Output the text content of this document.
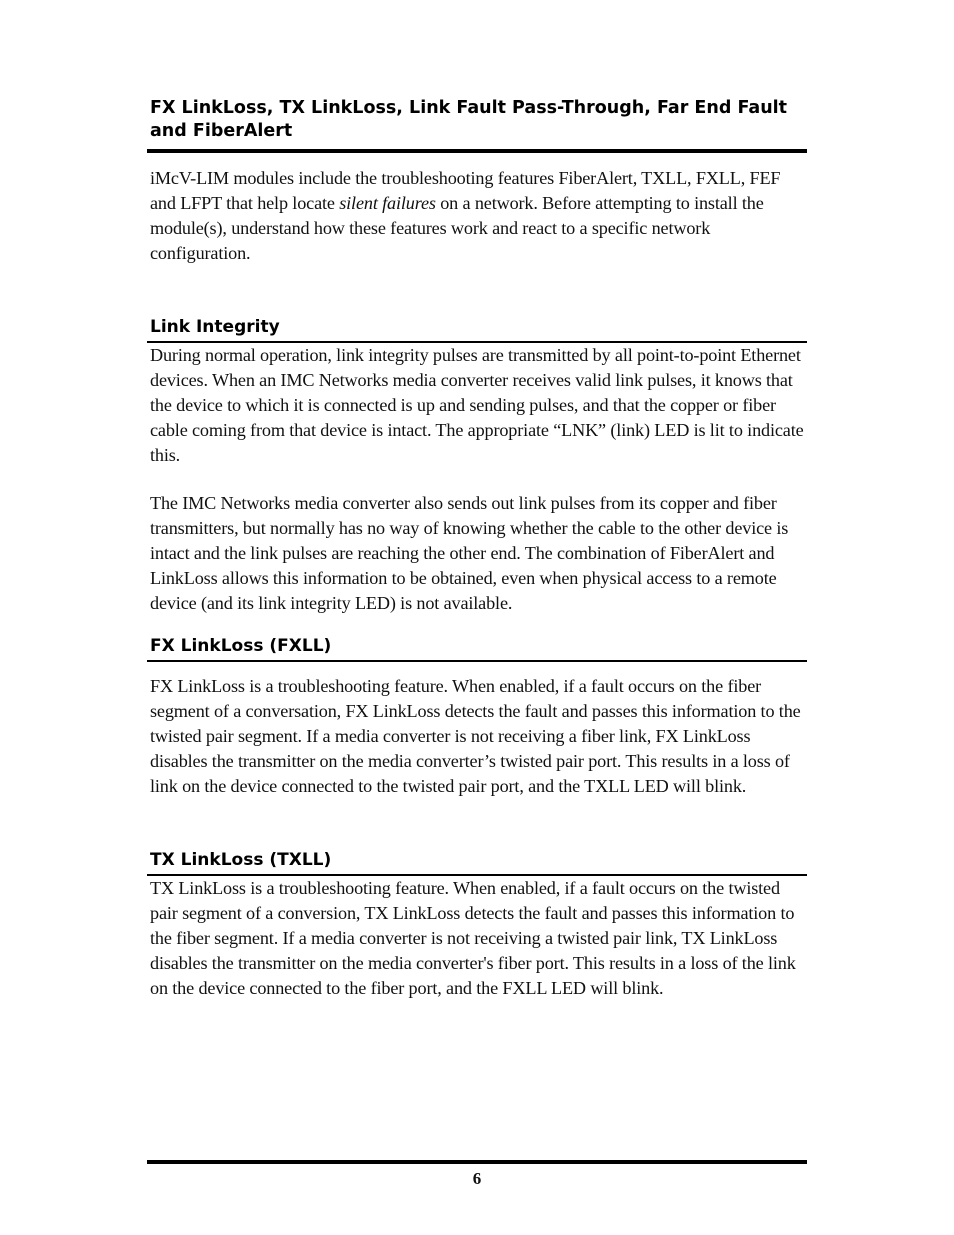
FX LinkLoss, TX LinkLoss, Link Fault Pass-Through, Far End Fault and FiberAlert

iMcV-LIM modules include the troubleshooting features FiberAlert, TXLL, FXLL, FEF and LFPT that help locate silent failures on a network. Before attempting to install the module(s), understand how these features work and react to a specific network configuration.

Link Integrity

During normal operation, link integrity pulses are transmitted by all point-to-point Ethernet devices. When an IMC Networks media converter receives valid link pulses, it knows that the device to which it is connected is up and sending pulses, and that the copper or fiber cable coming from that device is intact. The appropriate “LNK” (link) LED is lit to indicate this.

The IMC Networks media converter also sends out link pulses from its copper and fiber transmitters, but normally has no way of knowing whether the cable to the other device is intact and the link pulses are reaching the other end. The combination of FiberAlert and LinkLoss allows this information to be obtained, even when physical access to a remote device (and its link integrity LED) is not available.

FX LinkLoss (FXLL)

FX LinkLoss is a troubleshooting feature. When enabled, if a fault occurs on the fiber segment of a conversation, FX LinkLoss detects the fault and passes this information to the twisted pair segment. If a media converter is not receiving a fiber link, FX LinkLoss disables the transmitter on the media converter’s twisted pair port. This results in a loss of link on the device connected to the twisted pair port, and the TXLL LED will blink.

TX LinkLoss (TXLL)

TX LinkLoss is a troubleshooting feature. When enabled, if a fault occurs on the twisted pair segment of a conversion, TX LinkLoss detects the fault and passes this information to the fiber segment. If a media converter is not receiving a twisted pair link, TX LinkLoss disables the transmitter on the media converter's fiber port. This results in a loss of the link on the device connected to the fiber port, and the FXLL LED will blink.

6
